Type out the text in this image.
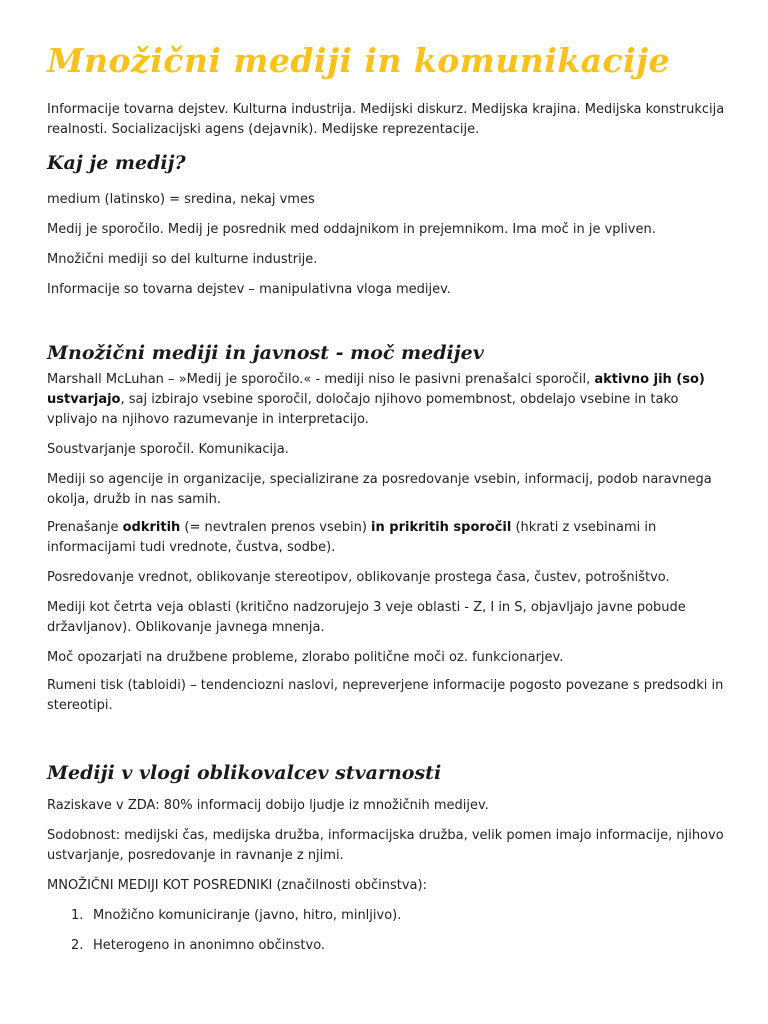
Množični mediji in komunikacije

Informacije tovarna dejstev. Kulturna industrija. Medijski diskurz. Medijska krajina. Medijska konstrukcija realnosti. Socializacijski agens (dejavnik). Medijske reprezentacije.

Kaj je medij?

medium (latinsko) = sredina, nekaj vmes

Medij je sporočilo. Medij je posrednik med oddajnikom in prejemnikom. Ima moč in je vpliven.

Množični mediji so del kulturne industrije.

Informacije so tovarna dejstev – manipulativna vloga medijev.

Množični mediji in javnost - moč medijev

Marshall McLuhan – »Medij je sporočilo.« - mediji niso le pasivni prenašalci sporočil, aktivno jih (so) ustvarjajo, saj izbirajo vsebine sporočil, določajo njihovo pomembnost, obdelajo vsebine in tako vplivajo na njihovo razumevanje in interpretacijo.

Soustvarjanje sporočil. Komunikacija.

Mediji so agencije in organizacije, specializirane za posredovanje vsebin, informacij, podob naravnega okolja, družb in nas samih.

Prenašanje odkritih (= nevtralen prenos vsebin) in prikritih sporočil (hkrati z vsebinami in informacijami tudi vrednote, čustva, sodbe).

Posredovanje vrednot, oblikovanje stereotipov, oblikovanje prostega časa, čustev, potrošništvo.

Mediji kot četrta veja oblasti (kritično nadzorujejo 3 veje oblasti - Z, I in S, objavljajo javne pobude državljanov). Oblikovanje javnega mnenja.

Moč opozarjati na družbene probleme, zlorabo politične moči oz. funkcionarjev.

Rumeni tisk (tabloidi) – tendenciozni naslovi, nepreverjene informacije pogosto povezane s predsodki in stereotipi.

Mediji v vlogi oblikovalcev stvarnosti

Raziskave v ZDA: 80% informacij dobijo ljudje iz množičnih medijev.

Sodobnost: medijski čas, medijska družba, informacijska družba, velik pomen imajo informacije, njihovo ustvarjanje, posredovanje in ravnanje z njimi.

MNOŽIČNI MEDIJI KOT POSREDNIKI (značilnosti občinstva):

1. Množično komuniciranje (javno, hitro, minljivo).
2. Heterogeno in anonimno občinstvo.
